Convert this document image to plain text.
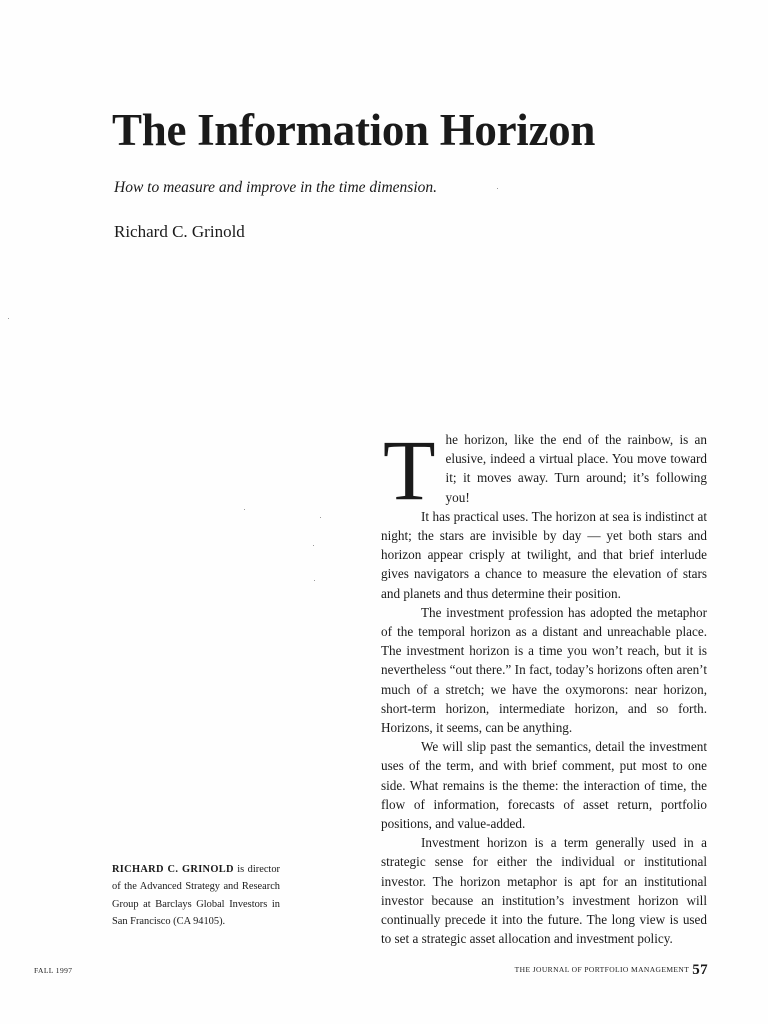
The Information Horizon

How to measure and improve in the time dimension.

Richard C. Grinold

The horizon, like the end of the rainbow, is an elusive, indeed a virtual place. You move toward it; it moves away. Turn around; it’s following you!

It has practical uses. The horizon at sea is indistinct at night; the stars are invisible by day — yet both stars and horizon appear crisply at twilight, and that brief interlude gives navigators a chance to measure the elevation of stars and planets and thus determine their position.

The investment profession has adopted the metaphor of the temporal horizon as a distant and unreachable place. The investment horizon is a time you won’t reach, but it is nevertheless “out there.” In fact, today’s horizons often aren’t much of a stretch; we have the oxymorons: near horizon, short-term horizon, intermediate horizon, and so forth. Horizons, it seems, can be anything.

We will slip past the semantics, detail the investment uses of the term, and with brief comment, put most to one side. What remains is the theme: the interaction of time, the flow of information, forecasts of asset return, portfolio positions, and value-added.

Investment horizon is a term generally used in a strategic sense for either the individual or institutional investor. The horizon metaphor is apt for an institutional investor because an institution’s investment horizon will continually precede it into the future. The long view is used to set a strategic asset allocation and investment policy.

RICHARD C. GRINOLD is director of the Advanced Strategy and Research Group at Barclays Global Investors in San Francisco (CA 94105).
FALL 1997	THE JOURNAL OF PORTFOLIO MANAGEMENT 57
